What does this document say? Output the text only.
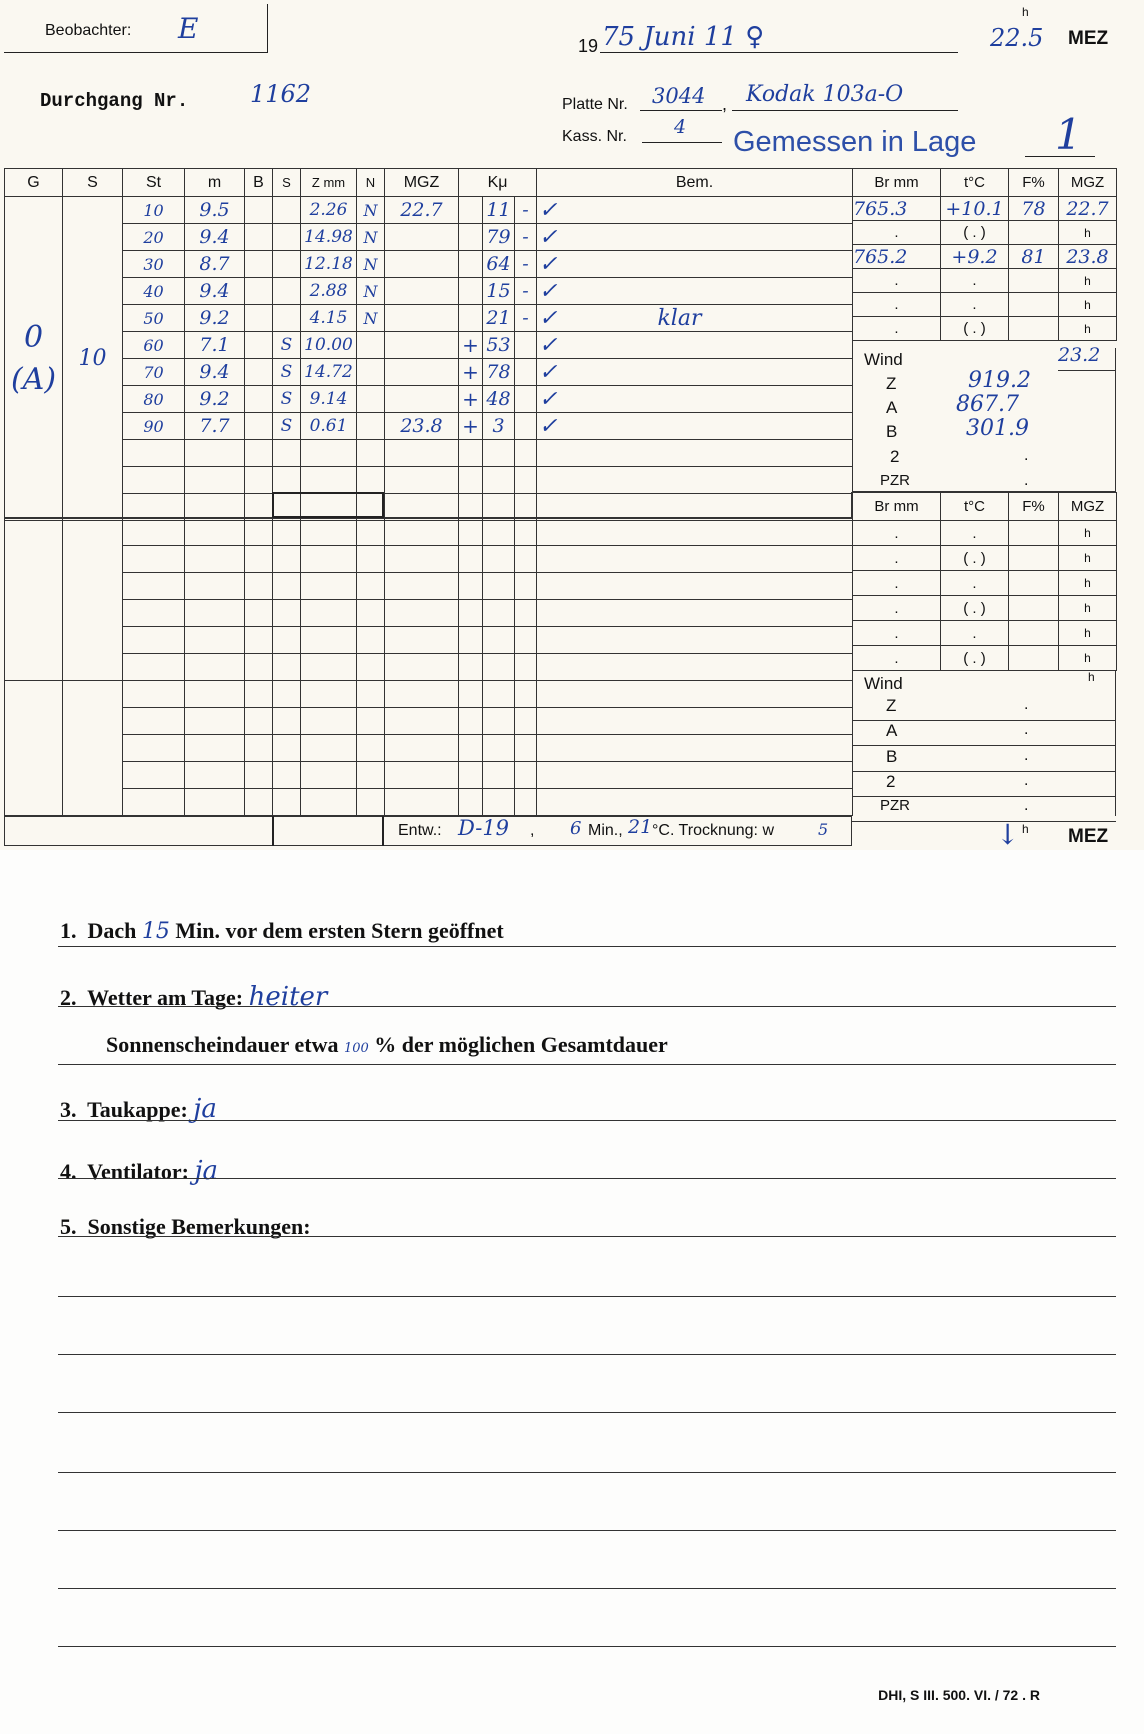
Beobachter: E
19 75 Juni 11 ♀
h
22.5 MEZ
Durchgang Nr.	1162	Platte Nr. 3044 , Kodak 103a-O
Kass. Nr. 4 Gemessen in Lage 1
G	S	St	m	B	S	Z mm	N	MGZ	Kμ			Bem.

0
(A)	10	10	9.5			2.26	N	22.7		11	-	✓
		20	9.4			14.98	N			79	-	✓
		30	8.7			12.18	N			64	-	✓
		40	9.4			2.88	N			15	-	✓
		50	9.2			4.15	N			21	-	✓ klar
		60	7.1		S	10.00			+	53		✓
		70	9.4		S	14.72			+	78		✓
		80	9.2		S	9.14			+	48		✓
		90	7.7		S	0.61		23.8	+	3		✓

Entw.: D-19 , 6 Min., 21 °C. Trocknung: w	5	↓ h MEZ
Br mm	t°C	F%	MGZ
765.3	+10.1	78	22.7
.	( . )		h
765.2	+9.2	81	23.8
.	.		h
.	.		h
.	( . )		h
Wind	23.2
Z	919.2
A	867.7
B	301.9
2	.
PZR	.
Br mm	t°C	F%	MGZ
.	.		h
.	( . )		h
.	.		h
.	( . )		h
.	.		h
.	( . )		h
Wind	h
Z	.
A	.
B	.
2	.
PZR	.
1. Dach 15 Min. vor dem ersten Stern geöffnet
2. Wetter am Tage: heiter
Sonnenscheindauer etwa 100 % der möglichen Gesamtdauer
3. Taukappe: ja
4. Ventilator: ja
5. Sonstige Bemerkungen:
DHI, S III. 500. VI. / 72 . R
